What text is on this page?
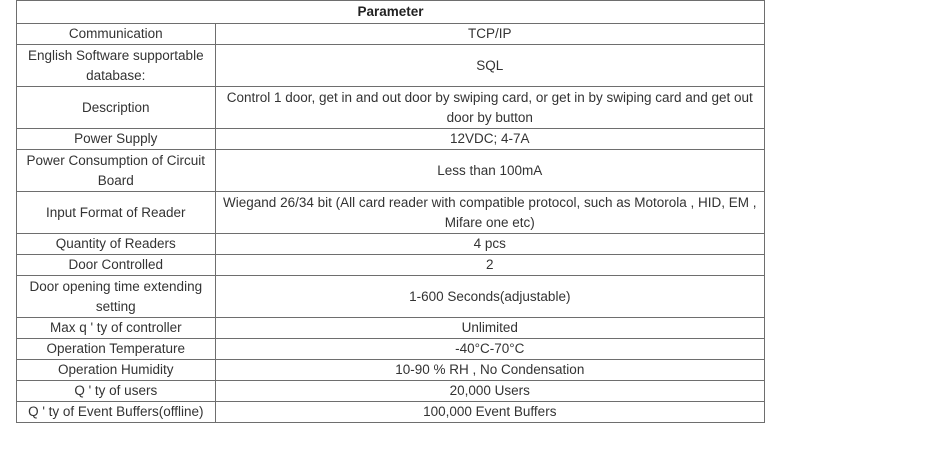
Parameter	
Communication	TCP/IP
English Software supportable database:	SQL
Description	Control 1 door, get in and out door by swiping card, or get in by swiping card and get out door by button
Power Supply	12VDC; 4-7A
Power Consumption of Circuit Board	Less than 100mA
Input Format of Reader	Wiegand 26/34 bit (All card reader with compatible protocol, such as Motorola , HID, EM , Mifare one etc)
Quantity of Readers	4 pcs
Door Controlled	2
Door opening time extending setting	1-600 Seconds(adjustable)
Max q ' ty of controller	Unlimited
Operation Temperature	-40°C-70°C
Operation Humidity	10-90 % RH , No Condensation
Q ' ty of users	20,000 Users
Q ' ty of Event Buffers(offline)	100,000 Event Buffers
